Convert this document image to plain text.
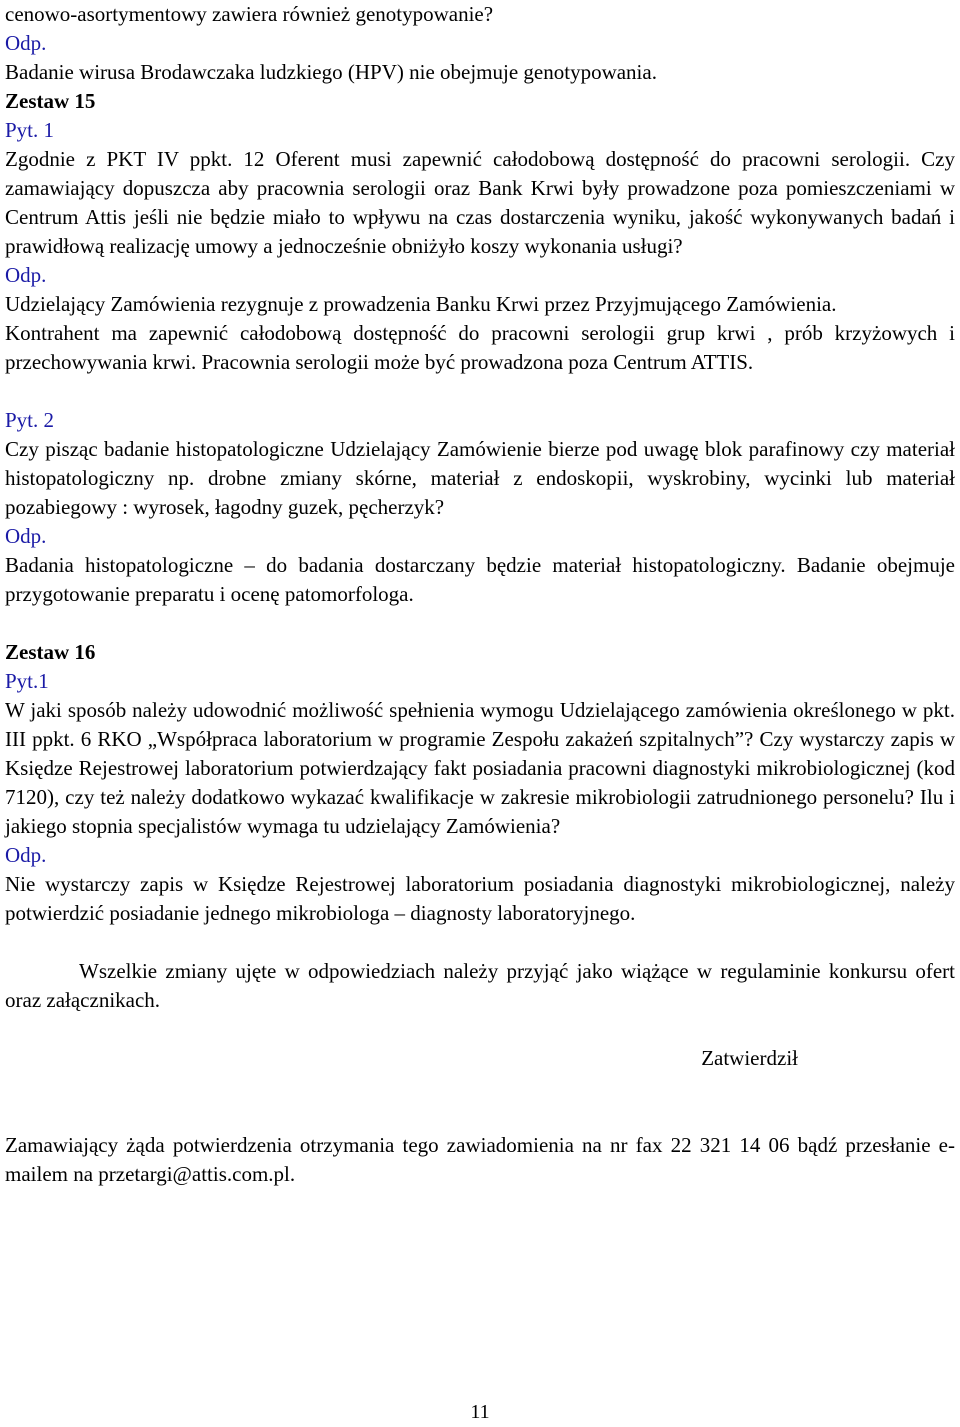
cenowo-asortymentowy zawiera również genotypowanie?

Odp.

Badanie wirusa Brodawczaka ludzkiego (HPV) nie obejmuje genotypowania.

Zestaw 15

Pyt. 1

Zgodnie z PKT IV ppkt. 12 Oferent musi zapewnić całodobową dostępność do pracowni serologii. Czy zamawiający dopuszcza aby pracownia serologii oraz Bank Krwi były prowadzone poza pomieszczeniami w Centrum Attis jeśli nie będzie miało to wpływu na czas dostarczenia wyniku, jakość wykonywanych badań i prawidłową realizację umowy a jednocześnie obniżyło koszy wykonania usługi?

Odp.

Udzielający Zamówienia rezygnuje z prowadzenia Banku Krwi przez Przyjmującego Zamówienia.

Kontrahent ma zapewnić całodobową dostępność do pracowni serologii grup krwi , prób krzyżowych i przechowywania krwi. Pracownia serologii może być prowadzona poza Centrum ATTIS.

Pyt. 2

Czy pisząc badanie histopatologiczne Udzielający Zamówienie bierze pod uwagę blok parafinowy czy materiał histopatologiczny np. drobne zmiany skórne, materiał z endoskopii, wyskrobiny, wycinki lub materiał pozabiegowy : wyrosek, łagodny guzek, pęcherzyk?

Odp.

Badania histopatologiczne – do badania dostarczany będzie materiał histopatologiczny. Badanie obejmuje przygotowanie preparatu i ocenę patomorfologa.

Zestaw 16

Pyt.1

W jaki sposób należy udowodnić możliwość spełnienia wymogu Udzielającego zamówienia określonego w pkt. III ppkt. 6 RKO „Współpraca laboratorium w programie Zespołu zakażeń szpitalnych”? Czy wystarczy zapis w Księdze Rejestrowej laboratorium potwierdzający fakt posiadania pracowni diagnostyki mikrobiologicznej (kod 7120), czy też należy dodatkowo wykazać kwalifikacje w zakresie mikrobiologii zatrudnionego personelu? Ilu i jakiego stopnia specjalistów wymaga tu udzielający Zamówienia?

Odp.

Nie wystarczy zapis w Księdze Rejestrowej laboratorium posiadania diagnostyki mikrobiologicznej, należy potwierdzić posiadanie jednego mikrobiologa – diagnosty laboratoryjnego.

Wszelkie zmiany ujęte w odpowiedziach należy przyjąć jako wiążące w regulaminie konkursu ofert oraz załącznikach.

Zatwierdził

Zamawiający żąda potwierdzenia otrzymania tego zawiadomienia na nr fax 22 321 14 06 bądź przesłanie e-mailem na przetargi@attis.com.pl.

11
